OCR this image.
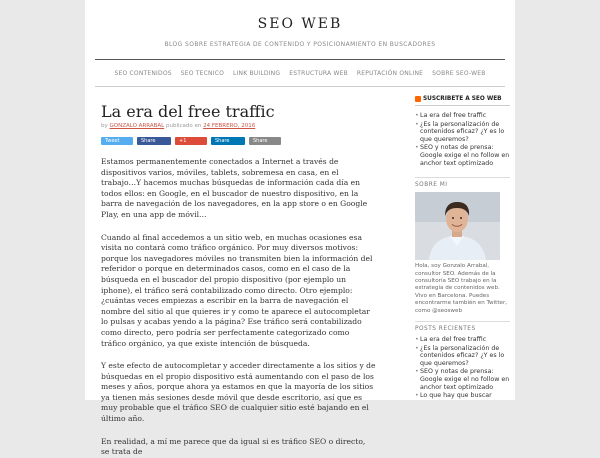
SEO WEB
BLOG SOBRE ESTRATEGIA DE CONTENIDO Y POSICIONAMIENTO EN BUSCADORES
SEO CONTENIDOS SEO TECNICO LINK BUILDING ESTRUCTURA WEB REPUTACIÓN ONLINE SOBRE SEO-WEB
La era del free traffic
by GONZALO ARRABAL publicado en 24 FEBRERO, 2016
Tweet	Share	+1	Share	Share

Estamos permanentemente conectados a Internet a través de dispositivos varios, móviles, tablets, sobremesa en casa, en el trabajo…Y hacemos muchas búsquedas de información cada día en todos ellos: en Google, en el buscador de nuestro dispositivo, en la barra de navegación de los navegadores, en la app store o en Google Play, en una app de móvil…

Cuando al final accedemos a un sitio web, en muchas ocasiones esa visita no contará como tráfico orgánico. Por muy diversos motivos: porque los navegadores móviles no transmiten bien la información del referidor o porque en determinados casos, como en el caso de la búsqueda en el buscador del propio dispositivo (por ejemplo un iphone), el tráfico será contabilizado como directo. Otro ejemplo: ¿cuántas veces empiezas a escribir en la barra de navegación el nombre del sitio al que quieres ir y como te aparece el autocompletar lo pulsas y acabas yendo a la página? Ese tráfico será contabilizado como directo, pero podría ser perfectamente categorizado como tráfico orgánico, ya que existe intención de búsqueda.

Y este efecto de autocompletar y acceder directamente a los sitios y de búsquedas en el propio dispositivo está aumentando con el paso de los meses y años, porque ahora ya estamos en que la mayoría de los sitios ya tienen más sesiones desde móvil que desde escritorio, así que es muy probable que el tráfico SEO de cualquier sitio esté bajando en el último año.

En realidad, a mí me parece que da igual si es tráfico SEO o directo, se trata de

SUSCRIBETE A SEO WEB
• La era del free traffic
• ¿Es la personalización de contenidos eficaz? ¿Y es lo que queremos?
• SEO y notas de prensa: Google exige el no follow en anchor text optimizado
SOBRE MI
Hola, soy Gonzalo Arrabal, consultor SEO. Además de la consultoría SEO trabajo en la estrategia de contenidos web. Vivo en Barcelona. Puedes encontrarme también en Twitter, como @seosweb
POSTS RECIENTES
• La era del free traffic
• ¿Es la personalización de contenidos eficaz? ¿Y es lo que queremos?
• SEO y notas de prensa: Google exige el no follow en anchor text optimizado
• Lo que hay que buscar
